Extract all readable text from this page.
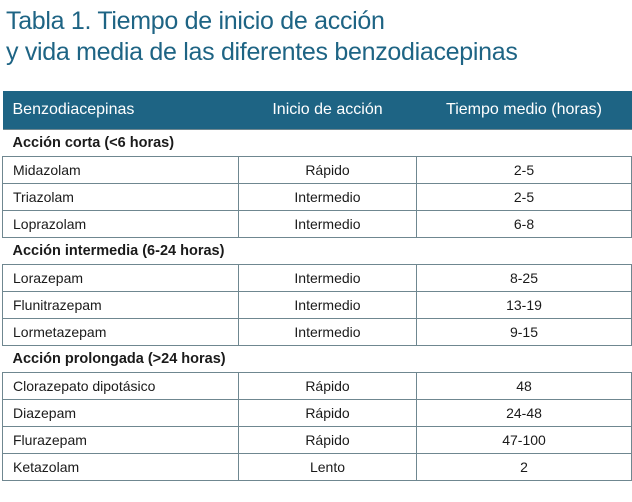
Tabla 1. Tiempo de inicio de acción
y vida media de las diferentes benzodiacepinas
Benzodiacepinas	Inicio de acción	Tiempo medio (horas)
Acción corta (<6 horas)		
Midazolam	Rápido	2-5
Triazolam	Intermedio	2-5
Loprazolam	Intermedio	6-8
Acción intermedia (6-24 horas)		
Lorazepam	Intermedio	8-25
Flunitrazepam	Intermedio	13-19
Lormetazepam	Intermedio	9-15
Acción prolongada (>24 horas)		
Clorazepato dipotásico	Rápido	48
Diazepam	Rápido	24-48
Flurazepam	Rápido	47-100
Ketazolam	Lento	2
